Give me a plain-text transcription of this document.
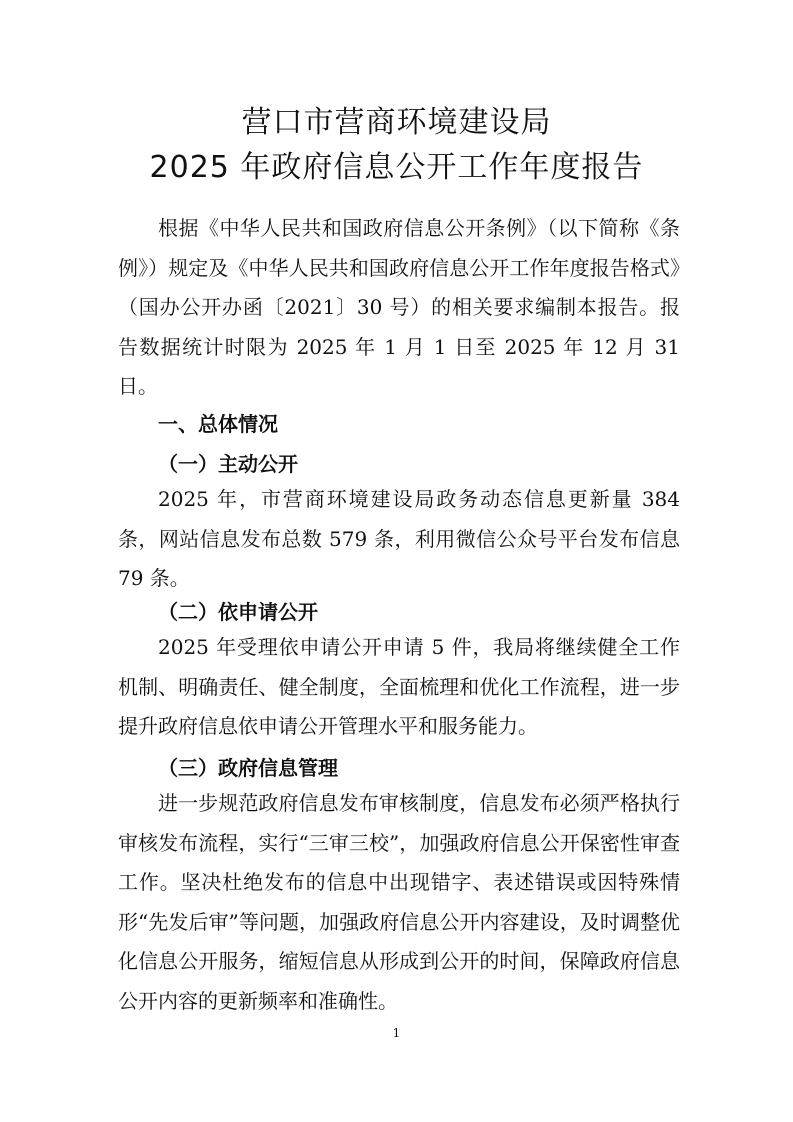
营口市营商环境建设局
2025 年政府信息公开工作年度报告

根据《中华人民共和国政府信息公开条例》（以下简称《条例》）规定及《中华人民共和国政府信息公开工作年度报告格式》（国办公开办函〔2021〕30 号）的相关要求编制本报告。报告数据统计时限为 2025 年 1 月 1 日至 2025 年 12 月 31 日。

一、总体情况
（一）主动公开

2025 年，市营商环境建设局政务动态信息更新量 384 条，网站信息发布总数 579 条，利用微信公众号平台发布信息 79 条。

（二）依申请公开

2025 年受理依申请公开申请 5 件，我局将继续健全工作机制、明确责任、健全制度，全面梳理和优化工作流程，进一步提升政府信息依申请公开管理水平和服务能力。

（三）政府信息管理

进一步规范政府信息发布审核制度，信息发布必须严格执行审核发布流程，实行“三审三校”，加强政府信息公开保密性审查工作。坚决杜绝发布的信息中出现错字、表述错误或因特殊情形“先发后审”等问题，加强政府信息公开内容建设，及时调整优化信息公开服务，缩短信息从形成到公开的时间，保障政府信息公开内容的更新频率和准确性。

1
